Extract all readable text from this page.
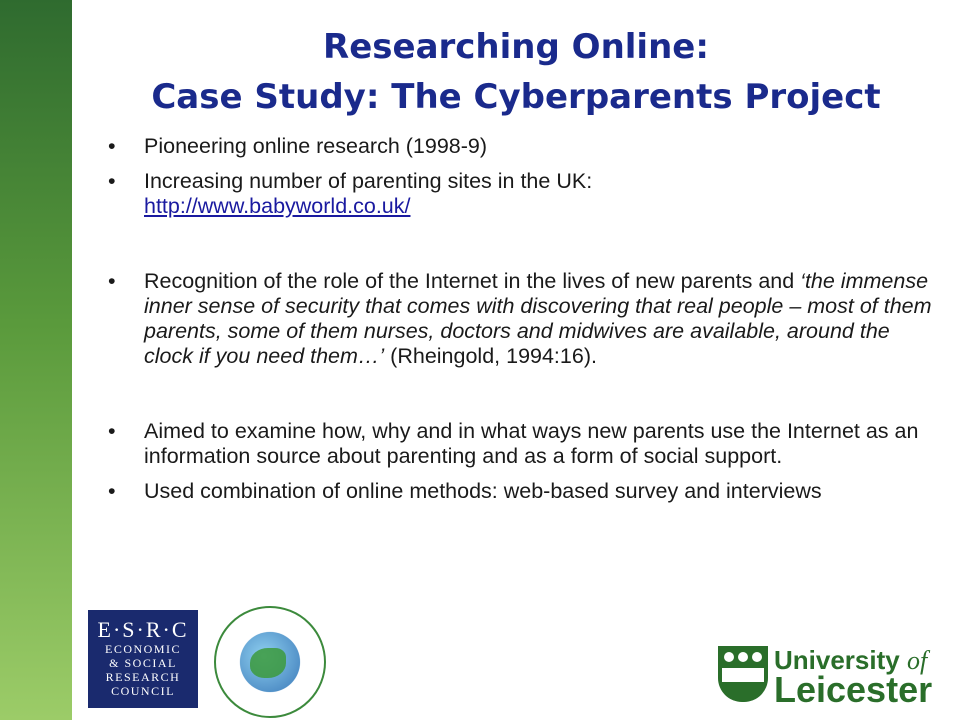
Researching Online:
Case Study: The Cyberparents Project
• Pioneering online research (1998-9)
• Increasing number of parenting sites in the UK:
http://www.babyworld.co.uk/
• Recognition of the role of the Internet in the lives of new parents and ‘the immense inner sense of security that comes with discovering that real people – most of them parents, some of them nurses, doctors and midwives are available, around the clock if you need them…’ (Rheingold, 1994:16).
• Aimed to examine how, why and in what ways new parents use the Internet as an information source about parenting and as a form of social support.
• Used combination of online methods: web-based survey and interviews
E·S·R·C
ECONOMIC
& SOCIAL
RESEARCH
COUNCIL
University of
Leicester
